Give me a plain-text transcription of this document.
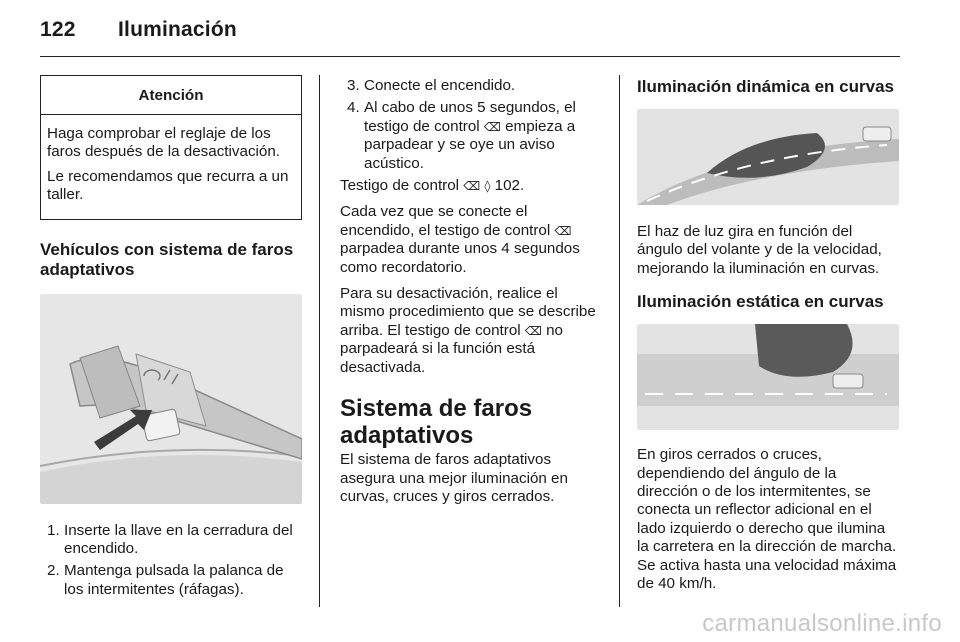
122 Iluminación
Atención

Haga comprobar el reglaje de los faros después de la desactivación.

Le recomendamos que recurra a un taller.

Vehículos con sistema de faros adaptativos
1. Inserte la llave en la cerradura del encendido.
2. Mantenga pulsada la palanca de los intermitentes (ráfagas).
3. Conecte el encendido.
4. Al cabo de unos 5 segundos, el testigo de control ⌫ empieza a parpadear y se oye un aviso acústico.

Testigo de control ⌫ ◊ 102.

Cada vez que se conecte el encendido, el testigo de control ⌫ parpadea durante unos 4 segundos como recordatorio.

Para su desactivación, realice el mismo procedimiento que se describe arriba. El testigo de control ⌫ no parpadeará si la función está desactivada.

Sistema de faros adaptativos

El sistema de faros adaptativos asegura una mejor iluminación en curvas, cruces y giros cerrados.

Iluminación dinámica en curvas

El haz de luz gira en función del ángulo del volante y de la velocidad, mejorando la iluminación en curvas.

Iluminación estática en curvas

En giros cerrados o cruces, dependiendo del ángulo de la dirección o de los intermitentes, se conecta un reflector adicional en el lado izquierdo o derecho que ilumina la carretera en la dirección de marcha. Se activa hasta una velocidad máxima de 40 km/h.

carmanualsonline.info
